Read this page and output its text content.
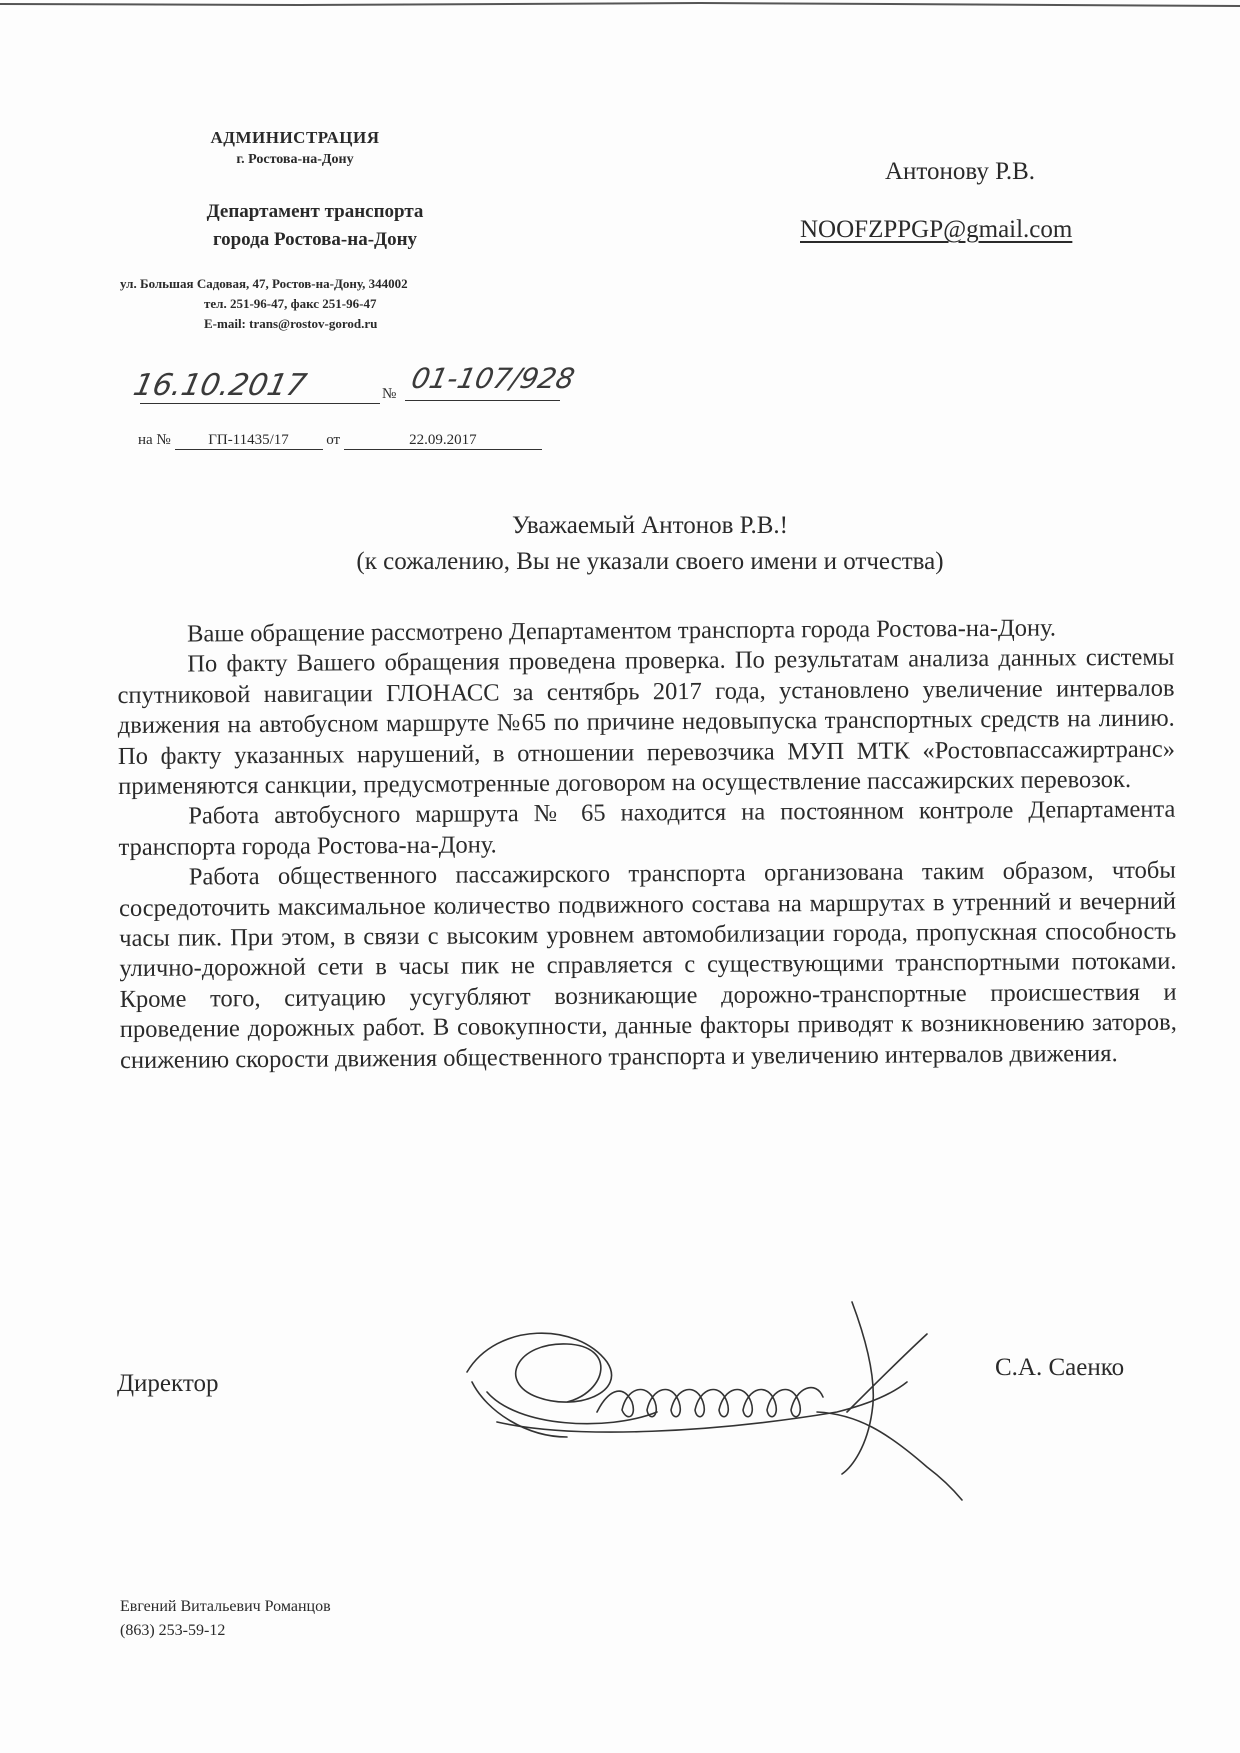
АДМИНИСТРАЦИЯ
г. Ростова-на-Дону
Департамент транспорта
города Ростова-на-Дону
ул. Большая Садовая, 47, Ростов-на-Дону, 344002
тел. 251-96-47, факс 251-96-47
E-mail: trans@rostov-gorod.ru
16.10.2017	№ 01-107/928
на № ГП-11435/17 от	22.09.2017
Антонову Р.В.
NOOFZPPGP@gmail.com
Уважаемый Антонов Р.В.!
(к сожалению, Вы не указали своего имени и отчества)

Ваше обращение рассмотрено Департаментом транспорта города Ростова-на-Дону.

По факту Вашего обращения проведена проверка. По результатам анализа данных системы спутниковой навигации ГЛОНАСС за сентябрь 2017 года, установлено увеличение интервалов движения на автобусном маршруте №65 по причине недовыпуска транспортных средств на линию. По факту указанных нарушений, в отношении перевозчика МУП МТК «Ростовпассажиртранс» применяются санкции, предусмотренные договором на осуществление пассажирских перевозок.

Работа автобусного маршрута № 65 находится на постоянном контроле Департамента транспорта города Ростова-на-Дону.

Работа общественного пассажирского транспорта организована таким образом, чтобы сосредоточить максимальное количество подвижного состава на маршрутах в утренний и вечерний часы пик. При этом, в связи с высоким уровнем автомобилизации города, пропускная способность улично-дорожной сети в часы пик не справляется с существующими транспортными потоками. Кроме того, ситуацию усугубляют возникающие дорожно-транспортные происшествия и проведение дорожных работ. В совокупности, данные факторы приводят к возникновению заторов, снижению скорости движения общественного транспорта и увеличению интервалов движения.

Директор
С.А. Саенко
Евгений Витальевич Романцов
(863) 253-59-12
